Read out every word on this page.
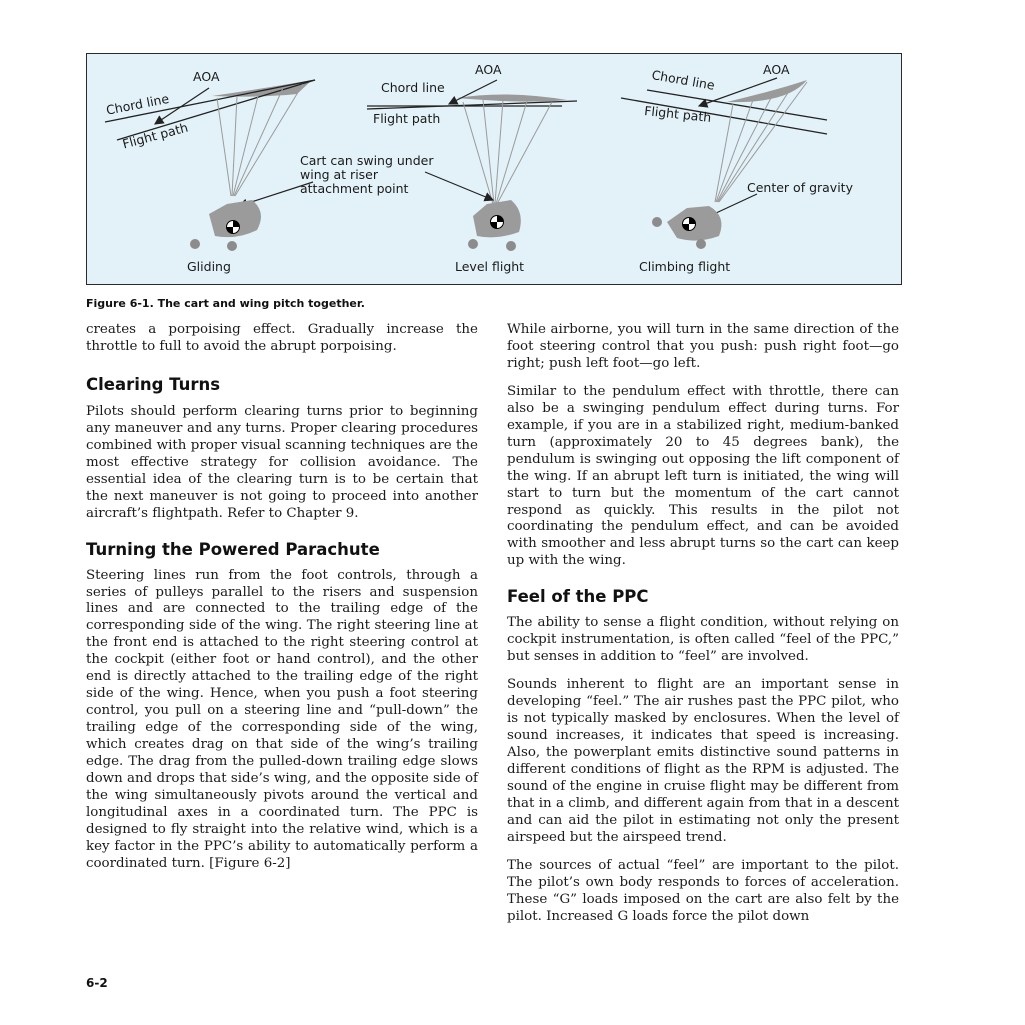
AOA
Chord line
Flight path
Gliding
AOA
Chord line
Flight path
Cart can swing under wing at riser attachment point
Level flight
AOA
Chord line
Flight path
Center of gravity
Climbing flight
Figure 6-1. The cart and wing pitch together.

creates a porpoising effect. Gradually increase the throttle to full to avoid the abrupt porpoising.

Clearing Turns

Pilots should perform clearing turns prior to beginning any maneuver and any turns. Proper clearing procedures combined with proper visual scanning techniques are the most effective strategy for collision avoidance. The essential idea of the clearing turn is to be certain that the next maneuver is not going to proceed into another aircraft’s flightpath. Refer to Chapter 9.

Turning the Powered Parachute

Steering lines run from the foot controls, through a series of pulleys parallel to the risers and suspension lines and are connected to the trailing edge of the corresponding side of the wing. The right steering line at the front end is attached to the right steering control at the cockpit (either foot or hand control), and the other end is directly attached to the trailing edge of the right side of the wing. Hence, when you push a foot steering control, you pull on a steering line and “pull-down” the trailing edge of the corresponding side of the wing, which creates drag on that side of the wing’s trailing edge. The drag from the pulled-down trailing edge slows down and drops that side’s wing, and the opposite side of the wing simultaneously pivots around the vertical and longitudinal axes in a coordinated turn. The PPC is designed to fly straight into the relative wind, which is a key factor in the PPC’s ability to automatically perform a coordinated turn. [Figure 6-2]

While airborne, you will turn in the same direction of the foot steering control that you push: push right foot—go right; push left foot—go left.

Similar to the pendulum effect with throttle, there can also be a swinging pendulum effect during turns. For example, if you are in a stabilized right, medium-banked turn (approximately 20 to 45 degrees bank), the pendulum is swinging out opposing the lift component of the wing. If an abrupt left turn is initiated, the wing will start to turn but the momentum of the cart cannot respond as quickly. This results in the pilot not coordinating the pendulum effect, and can be avoided with smoother and less abrupt turns so the cart can keep up with the wing.

Feel of the PPC

The ability to sense a flight condition, without relying on cockpit instrumentation, is often called “feel of the PPC,” but senses in addition to “feel” are involved.

Sounds inherent to flight are an important sense in developing “feel.” The air rushes past the PPC pilot, who is not typically masked by enclosures. When the level of sound increases, it indicates that speed is increasing. Also, the powerplant emits distinctive sound patterns in different conditions of flight as the RPM is adjusted. The sound of the engine in cruise flight may be different from that in a climb, and different again from that in a descent and can aid the pilot in estimating not only the present airspeed but the airspeed trend.

The sources of actual “feel” are important to the pilot. The pilot’s own body responds to forces of acceleration. These “G” loads imposed on the cart are also felt by the pilot. Increased G loads force the pilot down

6-2
